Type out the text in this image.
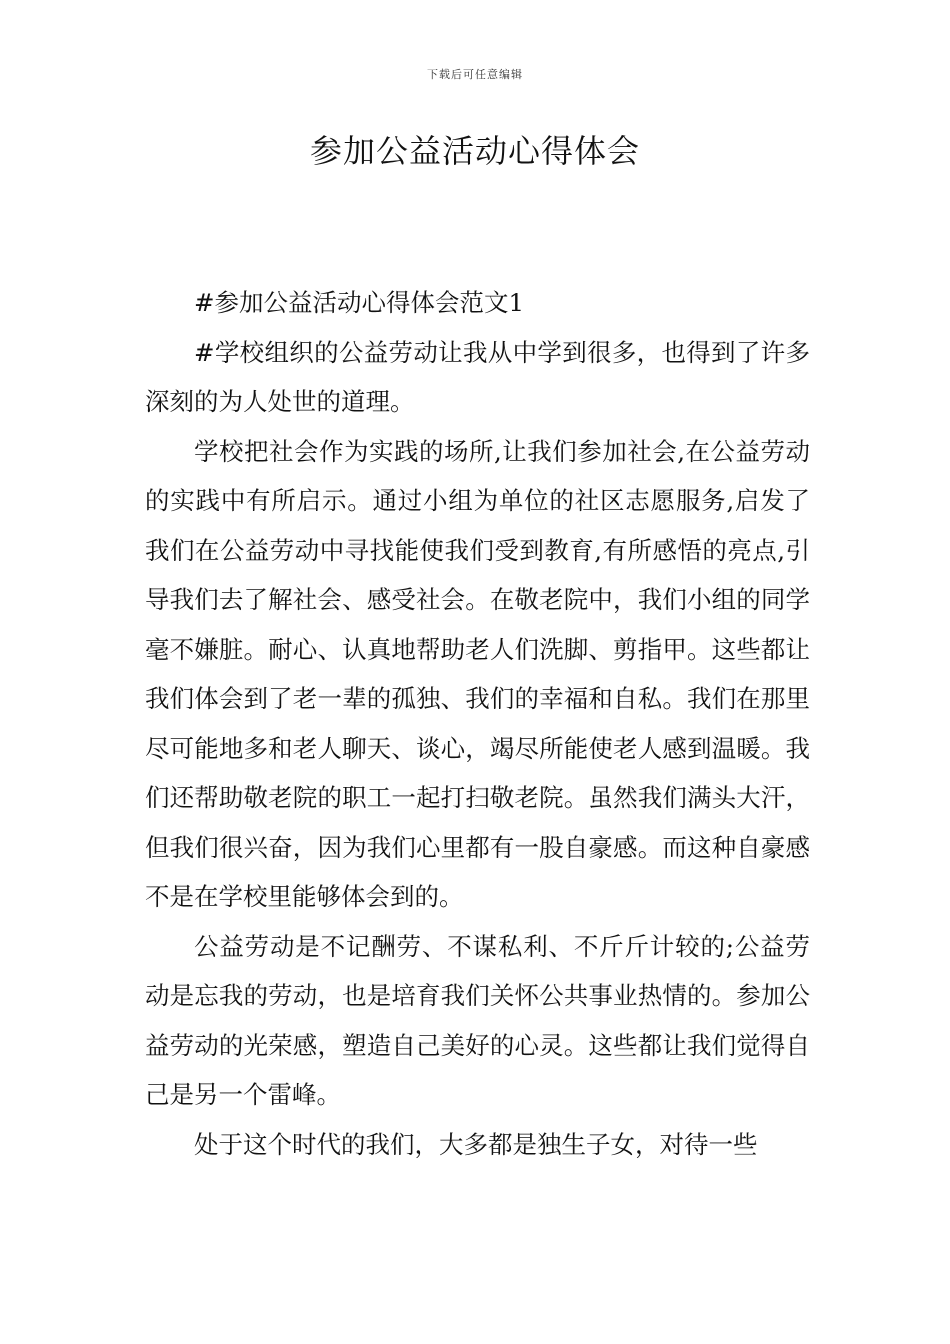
下载后可任意编辑
参加公益活动心得体会

#参加公益活动心得体会范文1

#学校组织的公益劳动让我从中学到很多，也得到了许多深刻的为人处世的道理。

学校把社会作为实践的场所,让我们参加社会,在公益劳动的实践中有所启示。通过小组为单位的社区志愿服务,启发了我们在公益劳动中寻找能使我们受到教育,有所感悟的亮点,引导我们去了解社会、感受社会。在敬老院中，我们小组的同学毫不嫌脏。耐心、认真地帮助老人们洗脚、剪指甲。这些都让我们体会到了老一辈的孤独、我们的幸福和自私。我们在那里尽可能地多和老人聊天、谈心，竭尽所能使老人感到温暖。我们还帮助敬老院的职工一起打扫敬老院。虽然我们满头大汗，但我们很兴奋，因为我们心里都有一股自豪感。而这种自豪感不是在学校里能够体会到的。

公益劳动是不记酬劳、不谋私利、不斤斤计较的;公益劳动是忘我的劳动，也是培育我们关怀公共事业热情的。参加公益劳动的光荣感，塑造自己美好的心灵。这些都让我们觉得自己是另一个雷峰。

处于这个时代的我们，大多都是独生子女，对待一些
